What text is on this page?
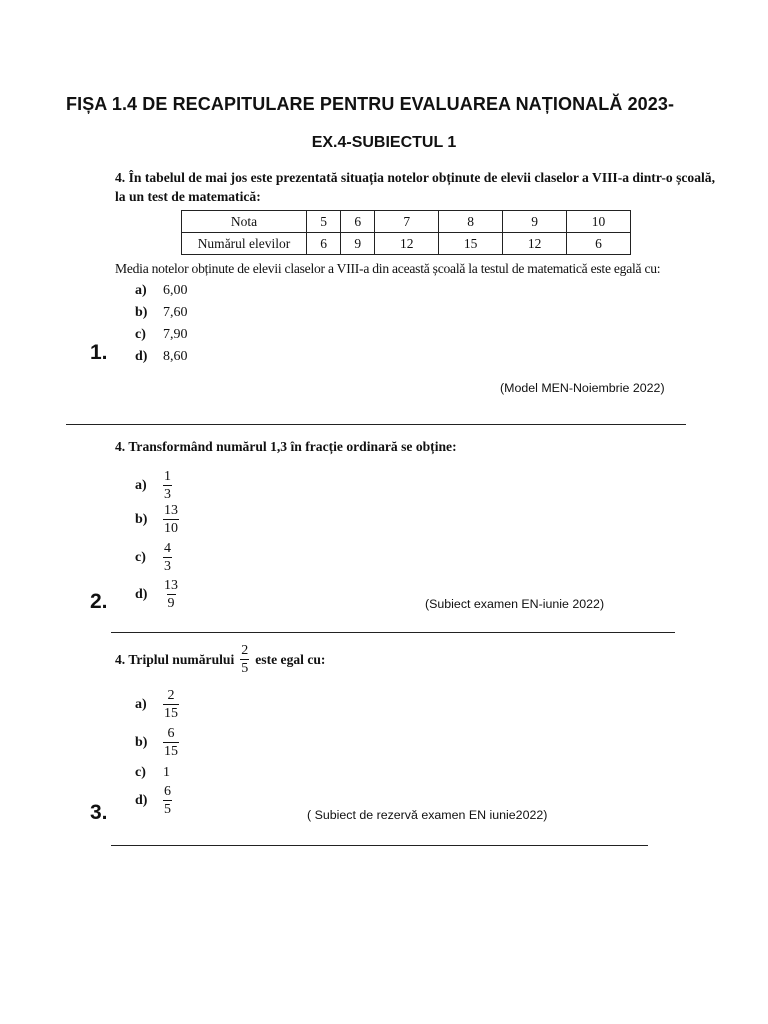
FIȘA 1.4 DE RECAPITULARE PENTRU EVALUAREA NAȚIONALĂ 2023-
EX.4-SUBIECTUL 1
4. În tabelul de mai jos este prezentată situația notelor obținute de elevii claselor a VIII-a dintr-o școală,
la un test de matematică:
Nota	5	6	7	8	9	10
Numărul elevilor	6	9	12	15	12	6
Media notelor obținute de elevii claselor a VIII-a din această școală la testul de matematică este egală cu:
a) 6,00
b) 7,60
c) 7,90
d) 8,60
1.
(Model MEN-Noiembrie 2022)
4. Transformând numărul 1,3 în fracție ordinară se obține:
$a) \frac{1}{3}$
$b) \frac{13}{10}$
$c) \frac{4}{3}$
$d) \frac{13}{9}$
2.	(Subiect examen EN-iunie 2022)
4. Triplul numărului $\frac{2}{5}$ este egal cu:
$a) \frac{2}{15}$
$b) \frac{6}{15}$
c) 1
$d) \frac{6}{5}$
3.	( Subiect de rezervă examen EN iunie2022)
